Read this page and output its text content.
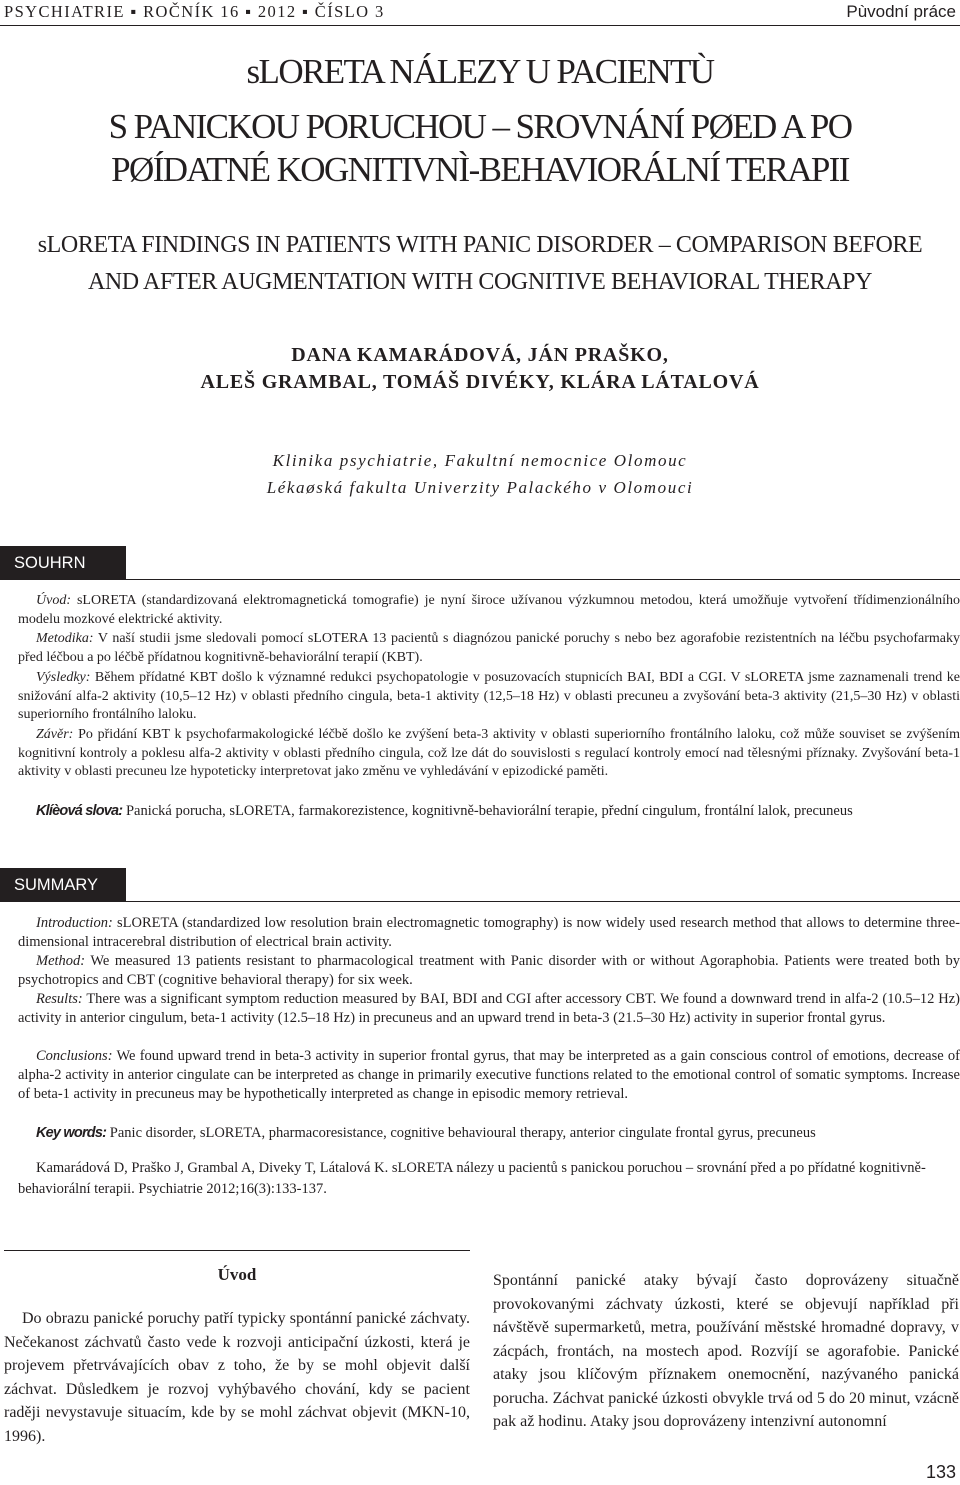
PSYCHIATRIE ▪ ROČNÍK 16 ▪ 2012 ▪ ČÍSLO 3	Pùvodní práce
sLORETA NÁLEZY U PACIENTÙ
S PANICKOU PORUCHOU – SROVNÁNÍ PØED A PO
PØÍDATNÉ KOGNITIVNÌ-BEHAVIORÁLNÍ TERAPII
sLORETA FINDINGS IN PATIENTS WITH PANIC DISORDER – COMPARISON BEFORE
AND AFTER AUGMENTATION WITH COGNITIVE BEHAVIORAL THERAPY
DANA KAMARÁDOVÁ, JÁN PRAŠKO,
ALEŠ GRAMBAL, TOMÁŠ DIVÉKY, KLÁRA LÁTALOVÁ
Klinika psychiatrie, Fakultní nemocnice Olomouc
Lékaøská fakulta Univerzity Palackého v Olomouci
SOUHRN

Úvod: sLORETA (standardizovaná elektromagnetická tomografie) je nyní široce užívanou výzkumnou metodou, která umožňuje vytvoření třídimenzionálního modelu mozkové elektrické aktivity.

Metodika: V naší studii jsme sledovali pomocí sLOTERA 13 pacientů s diagnózou panické poruchy s nebo bez agorafobie rezistentních na léčbu psychofarmaky před léčbou a po léčbě přídatnou kognitivně-behaviorální terapií (KBT).

Výsledky: Během přídatné KBT došlo k významné redukci psychopatologie v posuzovacích stupnicích BAI, BDI a CGI. V sLORETA jsme zaznamenali trend ke snižování alfa-2 aktivity (10,5–12 Hz) v oblasti předního cingula, beta-1 aktivity (12,5–18 Hz) v oblasti precuneu a zvyšování beta-3 aktivity (21,5–30 Hz) v oblasti superiorního frontálního laloku.

Závěr: Po přidání KBT k psychofarmakologické léčbě došlo ke zvýšení beta-3 aktivity v oblasti superiorního frontálního laloku, což může souviset se zvýšením kognitivní kontroly a poklesu alfa-2 aktivity v oblasti předního cingula, což lze dát do souvislosti s regulací kontroly emocí nad tělesnými příznaky. Zvyšování beta-1 aktivity v oblasti precuneu lze hypoteticky interpretovat jako změnu ve vyhledávání v epizodické paměti.

Klíèová slova: Panická porucha, sLORETA, farmakorezistence, kognitivně-behaviorální terapie, přední cingulum, frontální lalok, precuneus

SUMMARY

Introduction: sLORETA (standardized low resolution brain electromagnetic tomography) is now widely used research method that allows to determine three-dimensional intracerebral distribution of electrical brain activity.

Method: We measured 13 patients resistant to pharmacological treatment with Panic disorder with or without Agoraphobia. Patients were treated both by psychotropics and CBT (cognitive behavioral therapy) for six week.

Results: There was a significant symptom reduction measured by BAI, BDI and CGI after accessory CBT. We found a downward trend in alfa-2 (10.5–12 Hz) activity in anterior cingulum, beta-1 activity (12.5–18 Hz) in precuneus and an upward trend in beta-3 (21.5–30 Hz) activity in superior frontal gyrus.

Conclusions: We found upward trend in beta-3 activity in superior frontal gyrus, that may be interpreted as a gain conscious control of emotions, decrease of alpha-2 activity in anterior cingulate can be interpreted as change in primarily executive functions related to the emotional control of somatic symptoms. Increase of beta-1 activity in precuneus may be hypothetically interpreted as change in episodic memory retrieval.

Key words: Panic disorder, sLORETA, pharmacoresistance, cognitive behavioural therapy, anterior cingulate frontal gyrus, precuneus

Kamarádová D, Praško J, Grambal A, Diveky T, Látalová K. sLORETA nálezy u pacientů s panickou poruchou – srovnání před a po přídatné kognitivně-behaviorální terapii. Psychiatrie 2012;16(3):133-137.

Úvod

Do obrazu panické poruchy patří typicky spontánní panické záchvaty. Nečekanost záchvatů často vede k rozvoji anticipační úzkosti, která je projevem přetrvávajících obav z toho, že by se mohl objevit další záchvat. Důsledkem je rozvoj vyhýbavého chování, kdy se pacient raději nevystavuje situacím, kde by se mohl záchvat objevit (MKN-10, 1996).

Spontánní panické ataky bývají často doprovázeny situačně provokovanými záchvaty úzkosti, které se objevují například při návštěvě supermarketů, metra, používání městské hromadné dopravy, v zácpách, frontách, na mostech apod. Rozvíjí se agorafobie. Panické ataky jsou klíčovým příznakem onemocnění, nazývaného panická porucha. Záchvat panické úzkosti obvykle trvá od 5 do 20 minut, vzácně pak až hodinu. Ataky jsou doprovázeny intenzivní autonomní

133
